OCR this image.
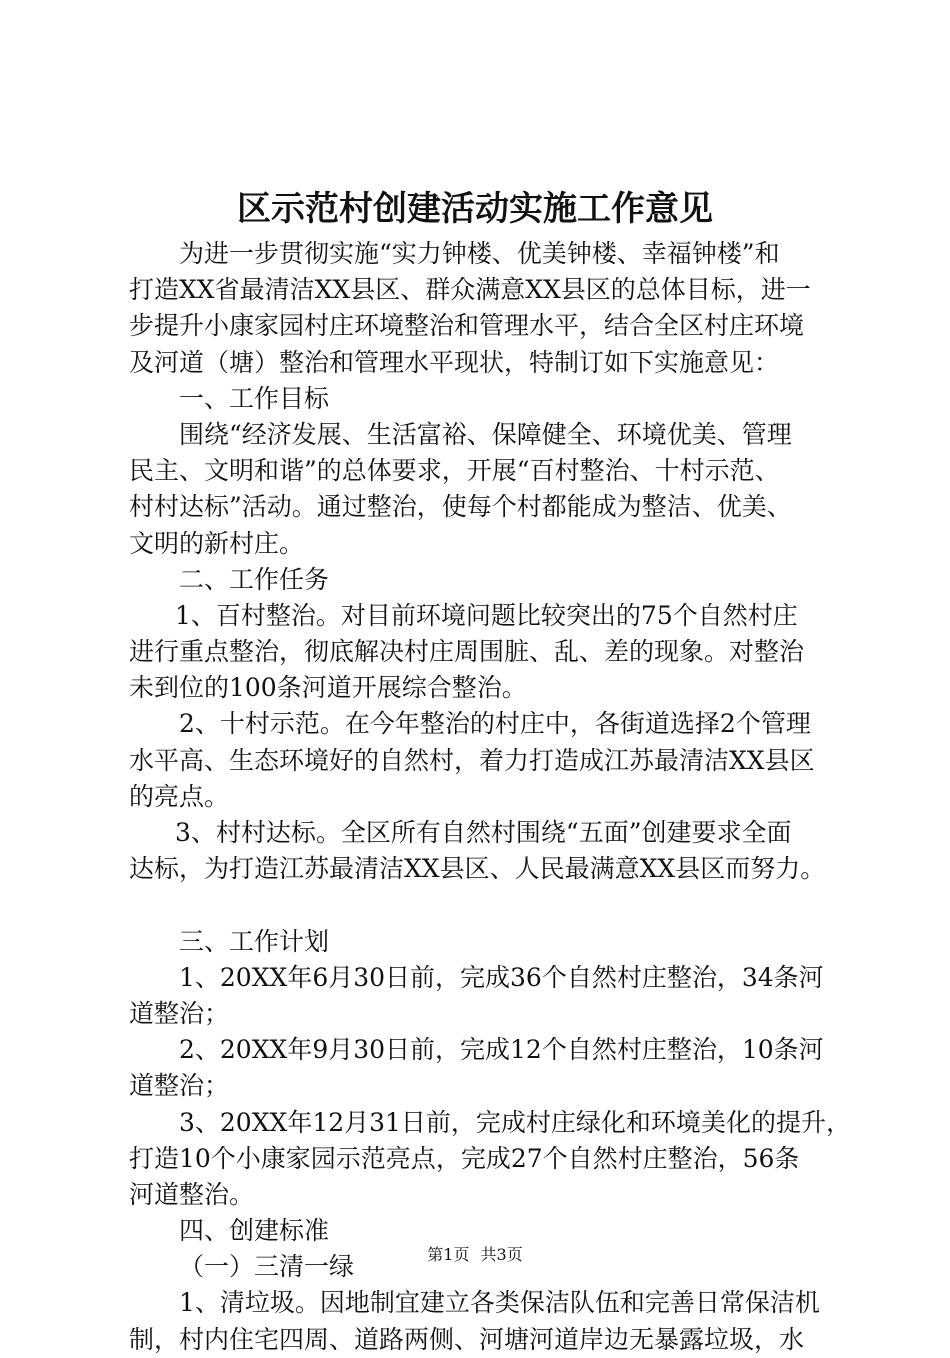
区示范村创建活动实施工作意见
为进一步贯彻实施“实力钟楼、优美钟楼、幸福钟楼”和
打造XX省最清洁XX县区、群众满意XX县区的总体目标，进一
步提升小康家园村庄环境整治和管理水平，结合全区村庄环境
及河道（塘）整治和管理水平现状，特制订如下实施意见：
一、工作目标
围绕“经济发展、生活富裕、保障健全、环境优美、管理
民主、文明和谐”的总体要求，开展“百村整治、十村示范、
村村达标”活动。通过整治，使每个村都能成为整洁、优美、
文明的新村庄。
二、工作任务
1、百村整治。对目前环境问题比较突出的75个自然村庄
进行重点整治，彻底解决村庄周围脏、乱、差的现象。对整治
未到位的100条河道开展综合整治。
2、十村示范。在今年整治的村庄中，各街道选择2个管理
水平高、生态环境好的自然村，着力打造成江苏最清洁XX县区
的亮点。
3、村村达标。全区所有自然村围绕“五面”创建要求全面
达标，为打造江苏最清洁XX县区、人民最满意XX县区而努力。
三、工作计划
1、20XX年6月30日前，完成36个自然村庄整治，34条河
道整治；
2、20XX年9月30日前，完成12个自然村庄整治，10条河
道整治；
3、20XX年12月31日前，完成村庄绿化和环境美化的提升，
打造10个小康家园示范亮点，完成27个自然村庄整治，56条
河道整治。
四、创建标准
（一）三清一绿
1、清垃圾。因地制宜建立各类保洁队伍和完善日常保洁机
制，村内住宅四周、道路两侧、河塘河道岸边无暴露垃圾，水
第1页 共3页
